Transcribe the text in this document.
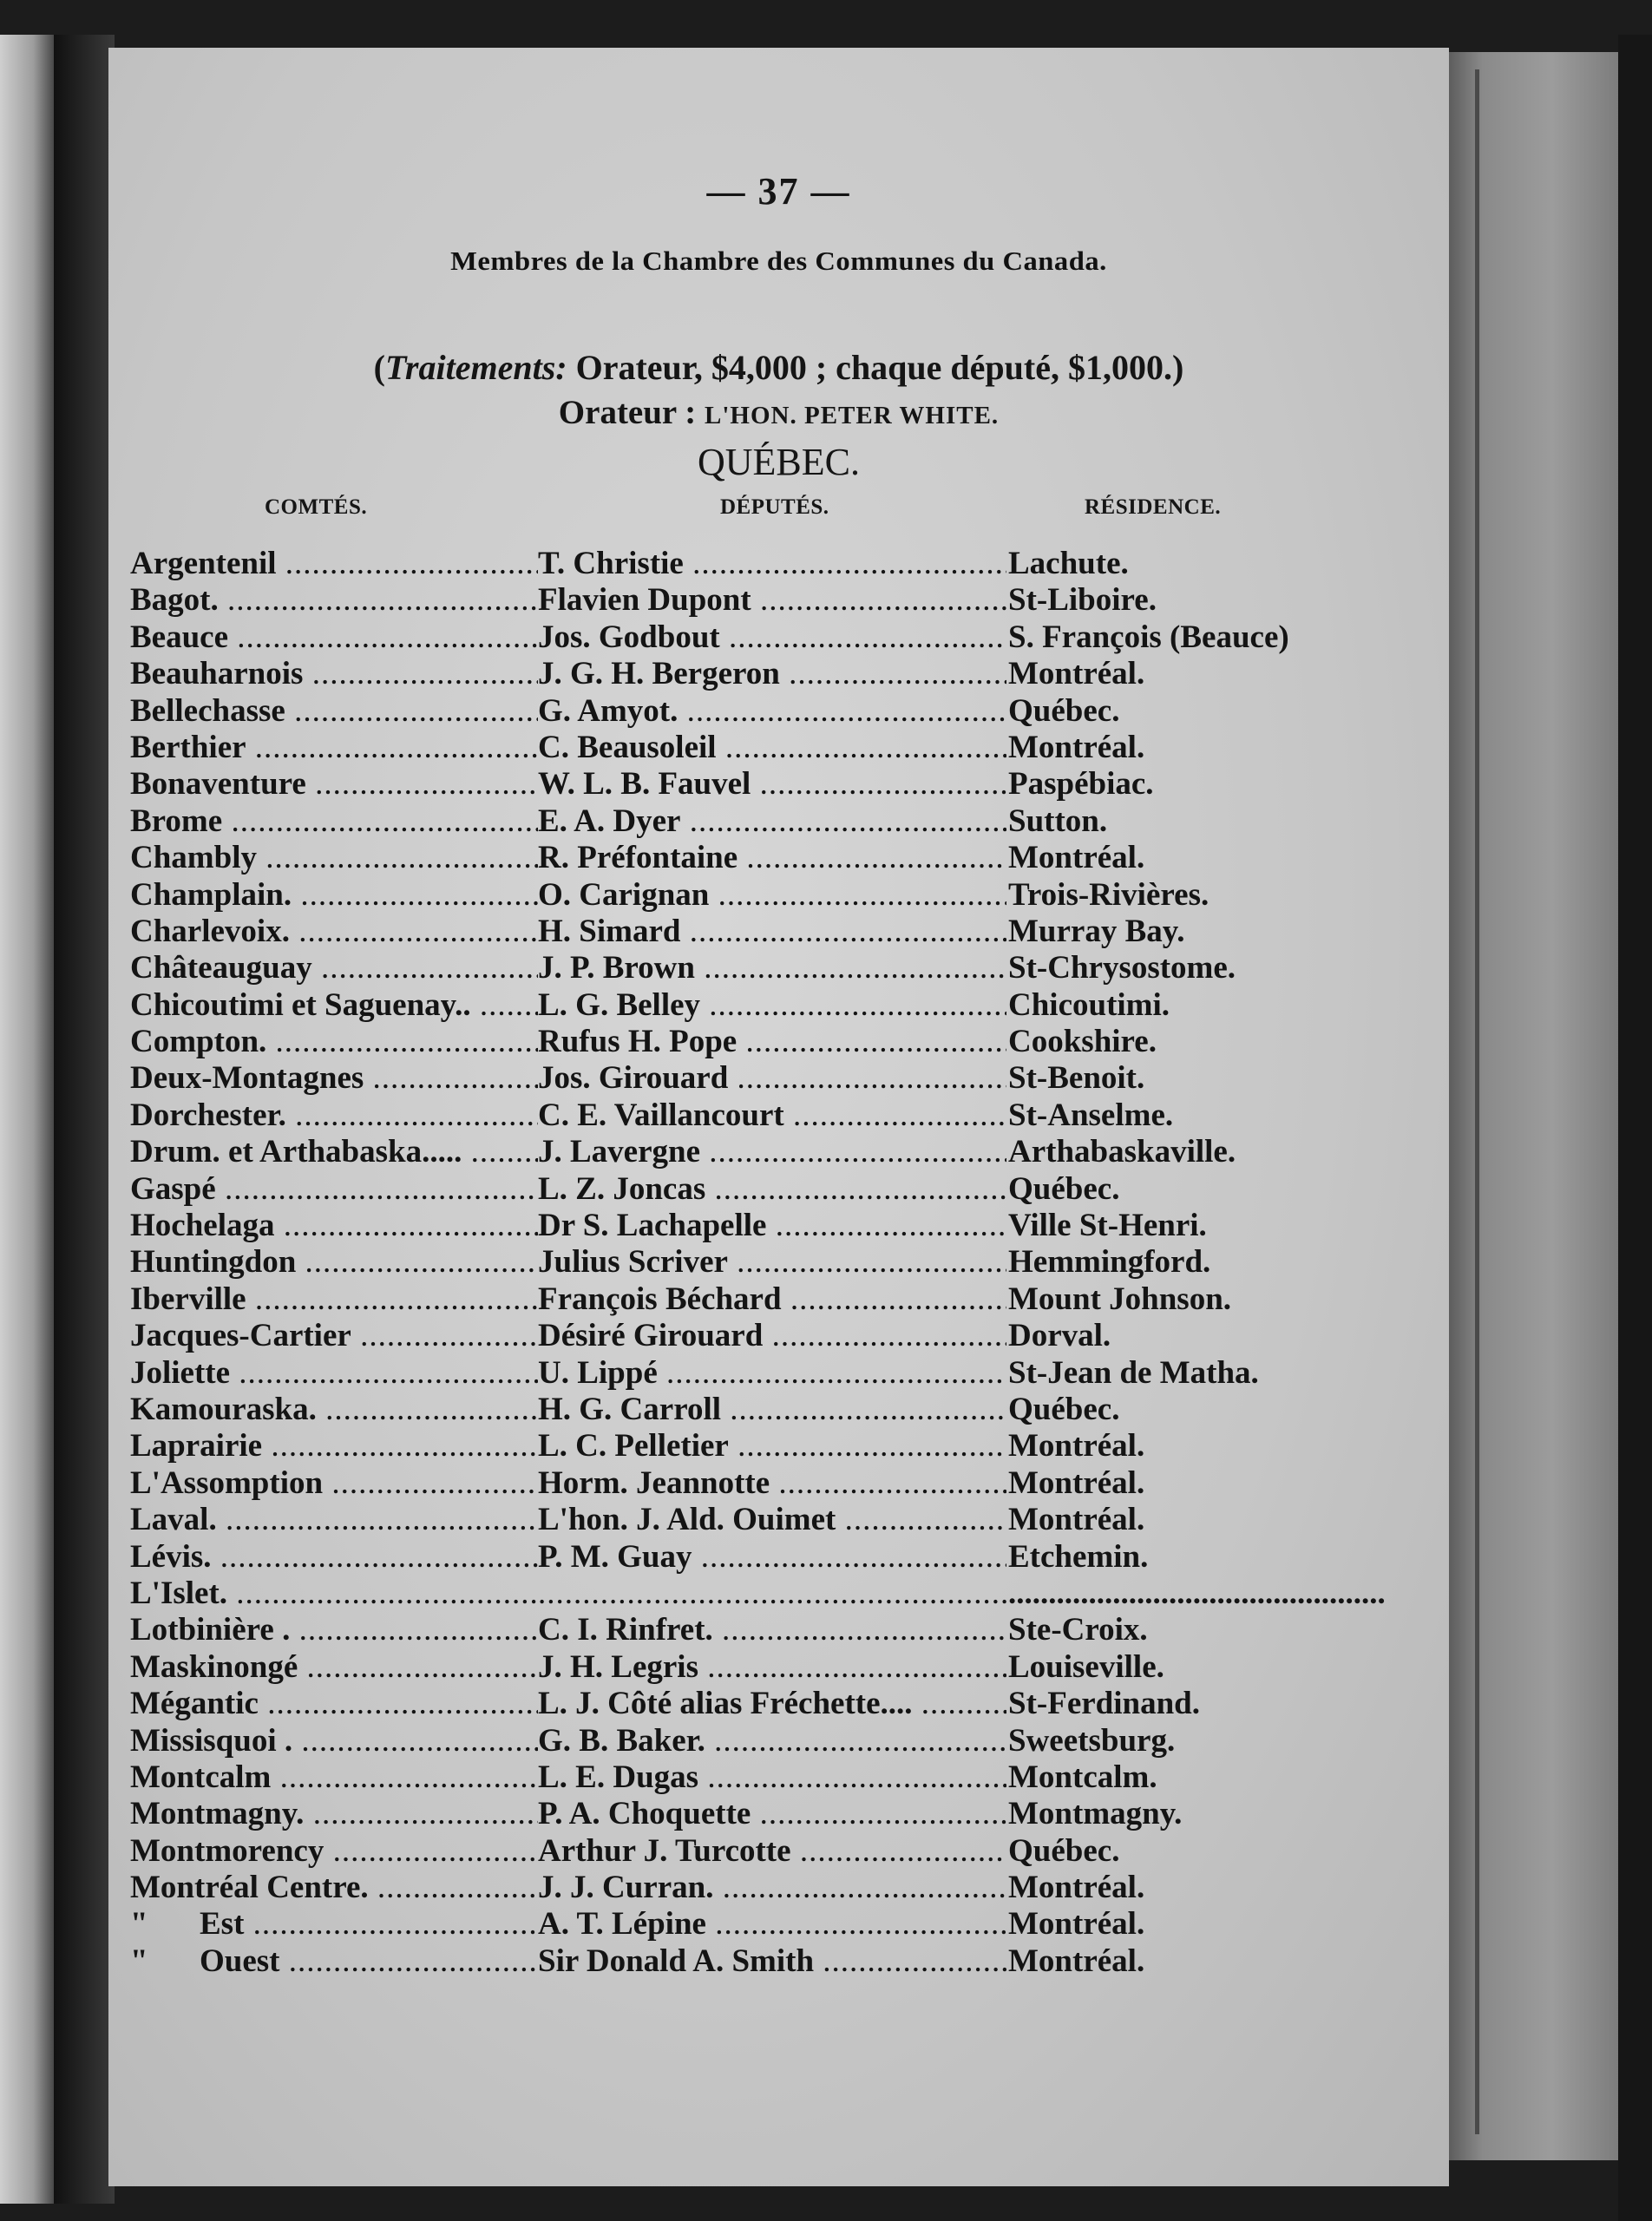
— 37 —
Membres de la Chambre des Communes du Canada.
(Traitements: Orateur, $4,000 ; chaque député, $1,000.)
Orateur : L'HON. PETER WHITE.
QUÉBEC.
COMTÉS.	DÉPUTÉS.	RÉSIDENCE.
Argentenil .....	T. Christie .....	Lachute.
Bagot. .....	Flavien Dupont .....	St-Liboire.
Beauce .....	Jos. Godbout .....	S. François (Beauce)
Beauharnois .....	J. G. H. Bergeron .....	Montréal.
Bellechasse .....	G. Amyot. .....	Québec.
Berthier .....	C. Beausoleil .....	Montréal.
Bonaventure .....	W. L. B. Fauvel .....	Paspébiac.
Brome .....	E. A. Dyer .....	Sutton.
Chambly .....	R. Préfontaine .....	Montréal.
Champlain. .....	O. Carignan .....	Trois-Rivières.
Charlevoix. .....	H. Simard .....	Murray Bay.
Châteauguay .....	J. P. Brown .....	St-Chrysostome.
Chicoutimi et Saguenay.. .....	L. G. Belley .....	Chicoutimi.
Compton. .....	Rufus H. Pope .....	Cookshire.
Deux-Montagnes .....	Jos. Girouard .....	St-Benoit.
Dorchester. .....	C. E. Vaillancourt .....	St-Anselme.
Drum. et Arthabaska..... .....	J. Lavergne .....	Arthabaskaville.
Gaspé .....	L. Z. Joncas .....	Québec.
Hochelaga .....	Dr S. Lachapelle .....	Ville St-Henri.
Huntingdon .....	Julius Scriver .....	Hemmingford.
Iberville .....	François Béchard .....	Mount Johnson.
Jacques-Cartier .....	Désiré Girouard .....	Dorval.
Joliette .....	U. Lippé .....	St-Jean de Matha.
Kamouraska. .....	H. G. Carroll .....	Québec.
Laprairie .....	L. C. Pelletier .....	Montréal.
L'Assomption .....	Horm. Jeannotte .....	Montréal.
Laval. .....	L'hon. J. Ald. Ouimet .....	Montréal.
Lévis. .....	P. M. Guay .....	Etchemin.
L'Islet. .....
.....	...............................................
Lotbinière . .....	C. I. Rinfret. .....	Ste-Croix.
Maskinongé .....	J. H. Legris .....	Louiseville.
Mégantic .....	L. J. Côté alias Fréchette.... .....	St-Ferdinand.
Missisquoi . .....	G. B. Baker. .....	Sweetsburg.
Montcalm .....	L. E. Dugas .....	Montcalm.
Montmagny. .....	P. A. Choquette .....	Montmagny.
Montmorency .....	Arthur J. Turcotte .....	Québec.
Montréal Centre. .....	J. J. Curran. .....	Montréal.
" Est .....	A. T. Lépine .....	Montréal.
" Ouest .....	Sir Donald A. Smith .....	Montréal.
